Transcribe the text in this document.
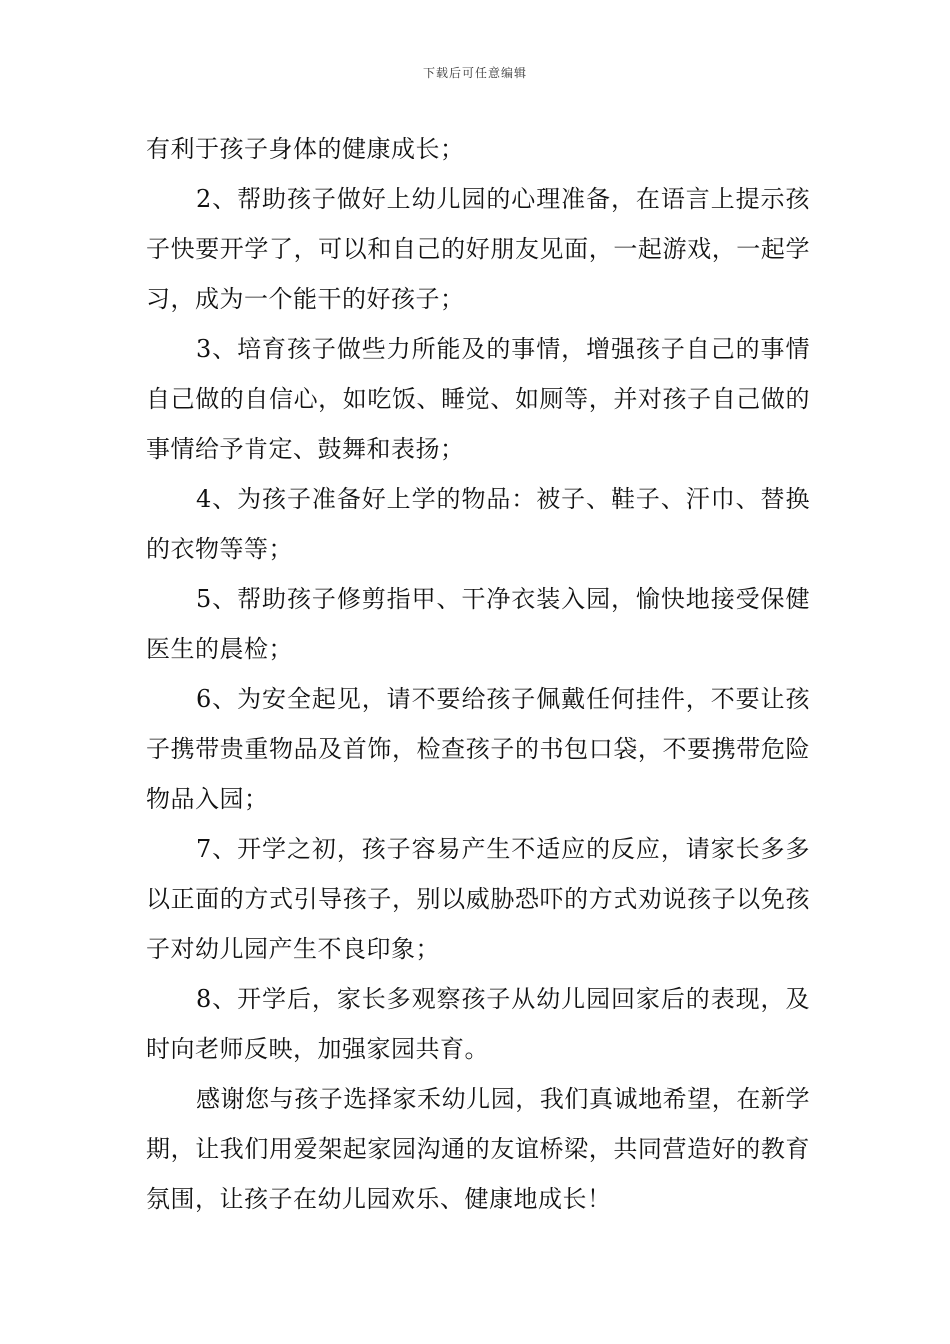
下载后可任意编辑

有利于孩子身体的健康成长；

2、帮助孩子做好上幼儿园的心理准备，在语言上提示孩子快要开学了，可以和自己的好朋友见面，一起游戏，一起学习，成为一个能干的好孩子；

3、培育孩子做些力所能及的事情，增强孩子自己的事情自己做的自信心，如吃饭、睡觉、如厕等，并对孩子自己做的事情给予肯定、鼓舞和表扬；

4、为孩子准备好上学的物品：被子、鞋子、汗巾、替换的衣物等等；

5、帮助孩子修剪指甲、干净衣装入园，愉快地接受保健医生的晨检；

6、为安全起见，请不要给孩子佩戴任何挂件，不要让孩子携带贵重物品及首饰，检查孩子的书包口袋，不要携带危险物品入园；

7、开学之初，孩子容易产生不适应的反应，请家长多多以正面的方式引导孩子，别以威胁恐吓的方式劝说孩子以免孩子对幼儿园产生不良印象；

8、开学后，家长多观察孩子从幼儿园回家后的表现，及时向老师反映，加强家园共育。

感谢您与孩子选择家禾幼儿园，我们真诚地希望，在新学期，让我们用爱架起家园沟通的友谊桥梁，共同营造好的教育氛围，让孩子在幼儿园欢乐、健康地成长！
